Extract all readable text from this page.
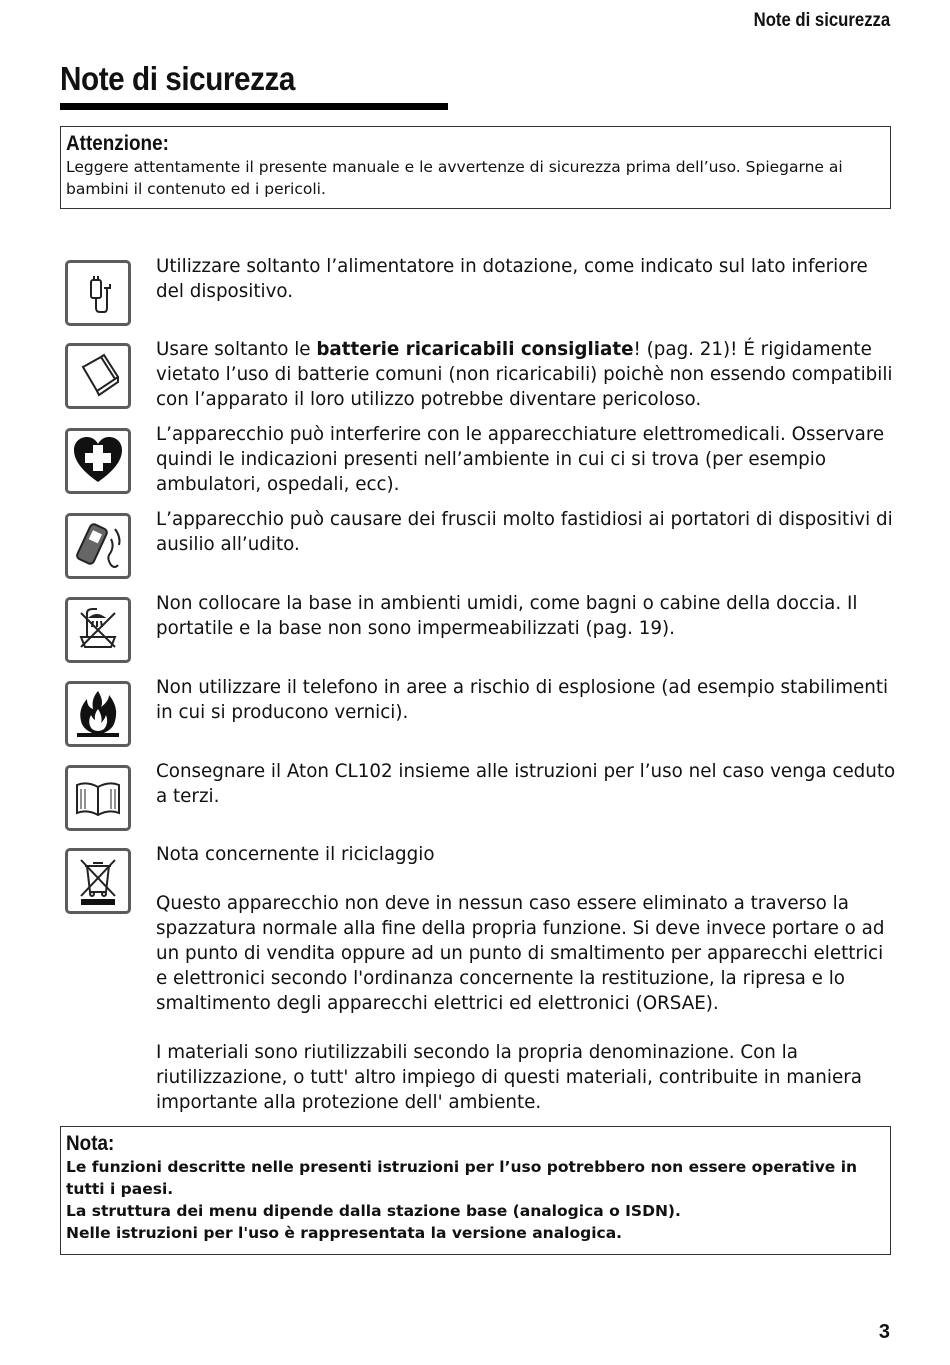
Note di sicurezza
Note di sicurezza
Attenzione:
Leggere attentamente il presente manuale e le avvertenze di sicurezza prima dell’uso. Spiegarne ai bambini il contenuto ed i pericoli.
Utilizzare soltanto l’alimentatore in dotazione, come indicato sul lato inferiore del dispositivo.
Usare soltanto le batterie ricaricabili consigliate! (pag. 21)! É rigidamente vietato l’uso di batterie comuni (non ricaricabili) poichè non essendo compatibili con l’apparato il loro utilizzo potrebbe diventare pericoloso.
L’apparecchio può interferire con le apparecchiature elettromedicali. Osservare quindi le indicazioni presenti nell’ambiente in cui ci si trova (per esempio ambulatori, ospedali, ecc).
L’apparecchio può causare dei fruscii molto fastidiosi ai portatori di dispositivi di ausilio all’udito.
Non collocare la base in ambienti umidi, come bagni o cabine della doccia. Il portatile e la base non sono impermeabilizzati (pag. 19).
Non utilizzare il telefono in aree a rischio di esplosione (ad esempio stabilimenti in cui si producono vernici).
Consegnare il Aton CL102 insieme alle istruzioni per l’uso nel caso venga ceduto a terzi.

Nota concernente il riciclaggio

Questo apparecchio non deve in nessun caso essere eliminato a traverso la spazzatura normale alla fine della propria funzione. Si deve invece portare o ad un punto di vendita oppure ad un punto di smaltimento per apparecchi elettrici e elettronici secondo l'ordinanza concernente la restituzione, la ripresa e lo smaltimento degli apparecchi elettrici ed elettronici (ORSAE).

I materiali sono riutilizzabili secondo la propria denominazione. Con la riutilizzazione, o tutt' altro impiego di questi materiali, contribuite in maniera importante alla protezione dell' ambiente.

Nota:
Le funzioni descritte nelle presenti istruzioni per l’uso potrebbero non essere operative in tutti i paesi.
La struttura dei menu dipende dalla stazione base (analogica o ISDN).
Nelle istruzioni per l'uso è rappresentata la versione analogica.
3
